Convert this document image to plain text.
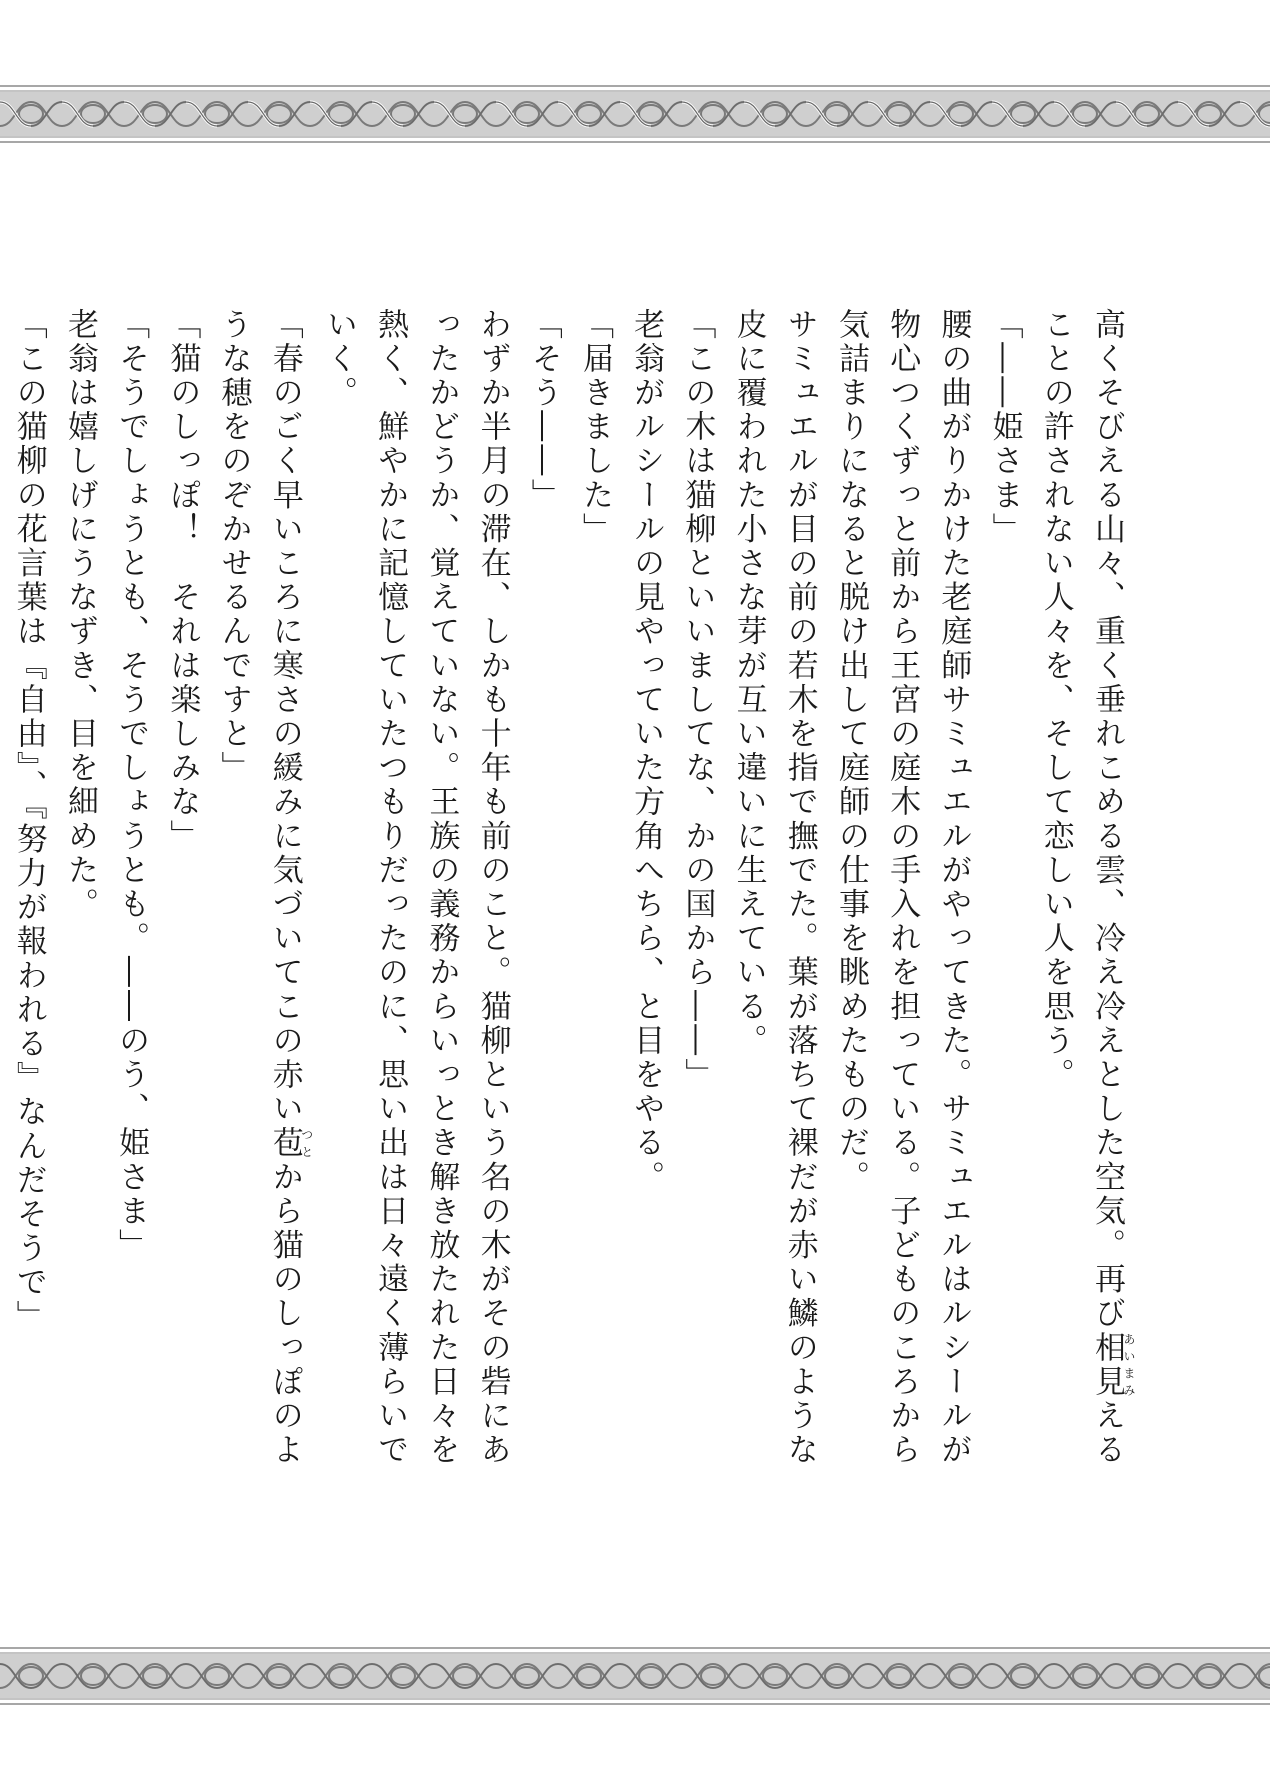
高くそびえる山々、重く垂れこめる雲、冷え冷えとした空気。再び相見あいまみえることの許されない人々を、そして恋しい人を思う。

「――姫さま」

腰の曲がりかけた老庭師サミュエルがやってきた。サミュエルはルシールが物心つくずっと前から王宮の庭木の手入れを担っている。子どものころから気詰まりになると脱け出して庭師の仕事を眺めたものだ。

サミュエルが目の前の若木を指で撫でた。葉が落ちて裸だが赤い鱗のような皮に覆われた小さな芽が互い違いに生えている。

「この木は猫柳といいましてな、かの国から――」

老翁がルシールの見やっていた方角へちら、と目をやる。

「届きました」

「そう――」

わずか半月の滞在、しかも十年も前のこと。猫柳という名の木がその砦にあったかどうか、覚えていない。王族の義務からいっとき解き放たれた日々を熱く、鮮やかに記憶していたつもりだったのに、思い出は日々遠く薄らいでいく。

「春のごく早いころに寒さの緩みに気づいてこの赤い苞つとから猫のしっぽのような穂をのぞかせるんですと」

「猫のしっぽ！　それは楽しみな」

「そうでしょうとも、そうでしょうとも。――のう、姫さま」

老翁は嬉しげにうなずき、目を細めた。

「この猫柳の花言葉は『自由』、『努力が報われる』なんだそうで」
